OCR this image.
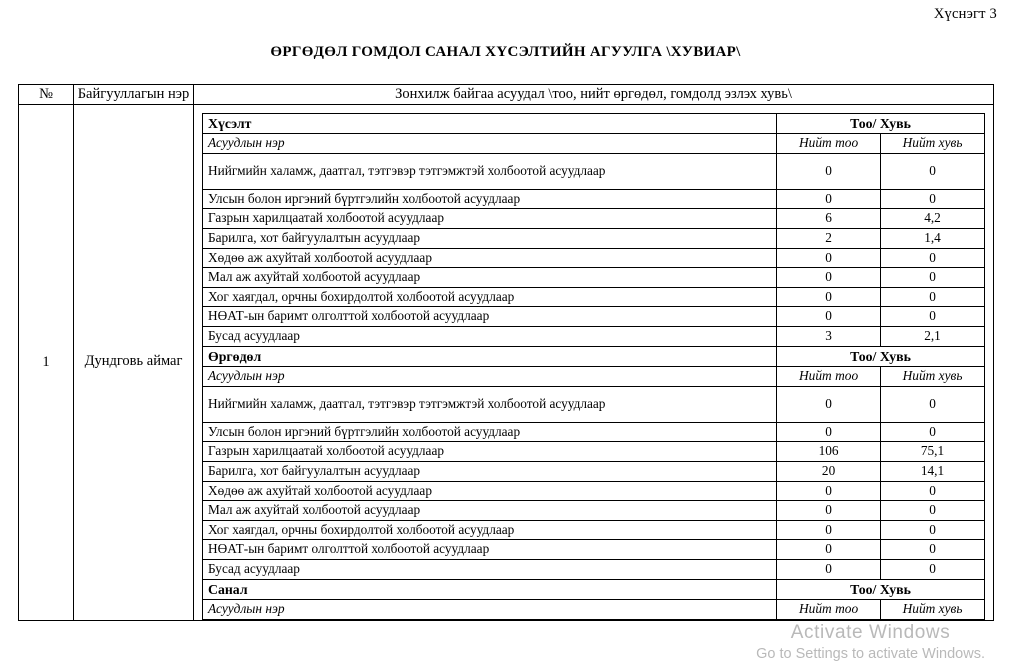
Хүснэгт 3
ӨРГӨДӨЛ ГОМДОЛ САНАЛ ХҮСЭЛТИЙН АГУУЛГА \ХУВИАР\
№	Байгууллагын нэр	Зонхилж байгаа асуудал \тоо, нийт өргөдөл, гомдолд эзлэх хувь\
1	Дундговь аймаг	
Хүсэлт	Тоо/ Хувь
Асуудлын нэр	Нийт тоо	Нийт хувь
Нийгмийн халамж, даатгал, тэтгэвэр тэтгэмжтэй холбоотой асуудлаар	0	0
Улсын болон иргэний бүртгэлийн холбоотой асуудлаар	0	0
Газрын харилцаатай холбоотой асуудлаар	6	4,2
Барилга, хот байгуулалтын асуудлаар	2	1,4
Хөдөө аж ахуйтай холбоотой асуудлаар	0	0
Мал аж ахуйтай холбоотой асуудлаар	0	0
Хог хаягдал, орчны бохирдолтой холбоотой асуудлаар	0	0
НӨАТ-ын баримт олголттой холбоотой асуудлаар	0	0
Бусад асуудлаар	3	2,1
Өргөдөл	Тоо/ Хувь
Асуудлын нэр	Нийт тоо	Нийт хувь
Нийгмийн халамж, даатгал, тэтгэвэр тэтгэмжтэй холбоотой асуудлаар	0	0
Улсын болон иргэний бүртгэлийн холбоотой асуудлаар	0	0
Газрын харилцаатай холбоотой асуудлаар	106	75,1
Барилга, хот байгуулалтын асуудлаар	20	14,1
Хөдөө аж ахуйтай холбоотой асуудлаар	0	0
Мал аж ахуйтай холбоотой асуудлаар	0	0
Хог хаягдал, орчны бохирдолтой холбоотой асуудлаар	0	0
НӨАТ-ын баримт олголттой холбоотой асуудлаар	0	0
Бусад асуудлаар	0	0
Санал	Тоо/ Хувь
Асуудлын нэр	Нийт тоо	Нийт хувь
Activate Windows
Go to Settings to activate Windows.
